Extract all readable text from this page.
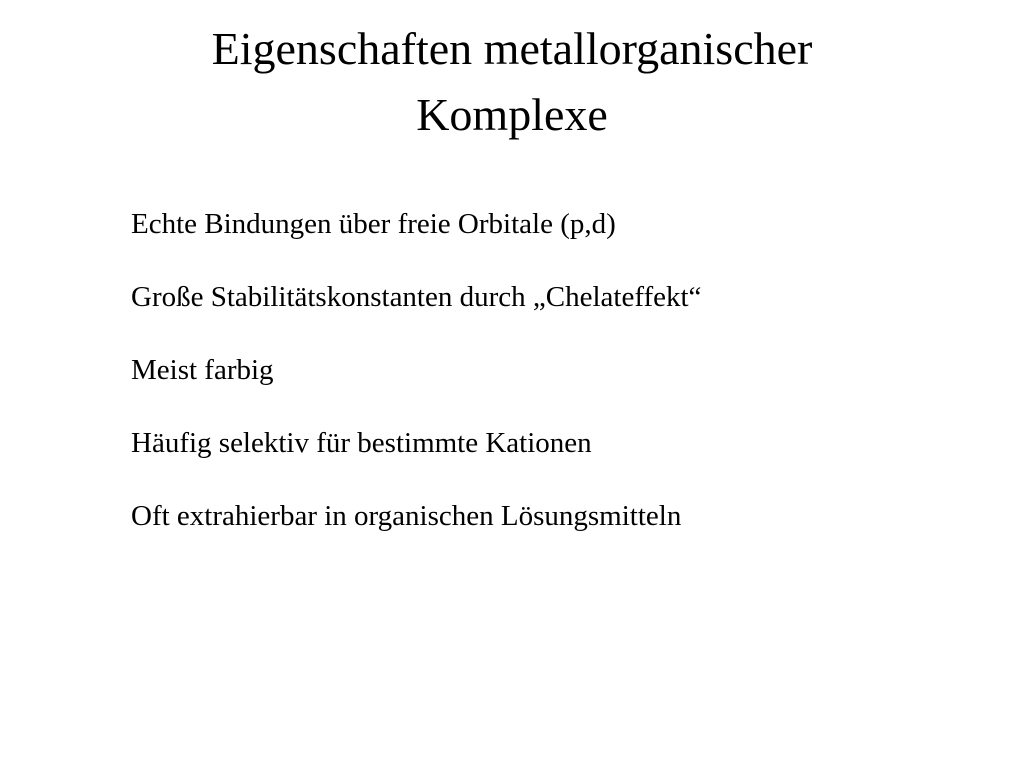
Eigenschaften metallorganischer
Komplexe
Echte Bindungen über freie Orbitale (p,d)
Große Stabilitätskonstanten durch „Chelateffekt“
Meist farbig
Häufig selektiv für bestimmte Kationen
Oft extrahierbar in organischen Lösungsmitteln
